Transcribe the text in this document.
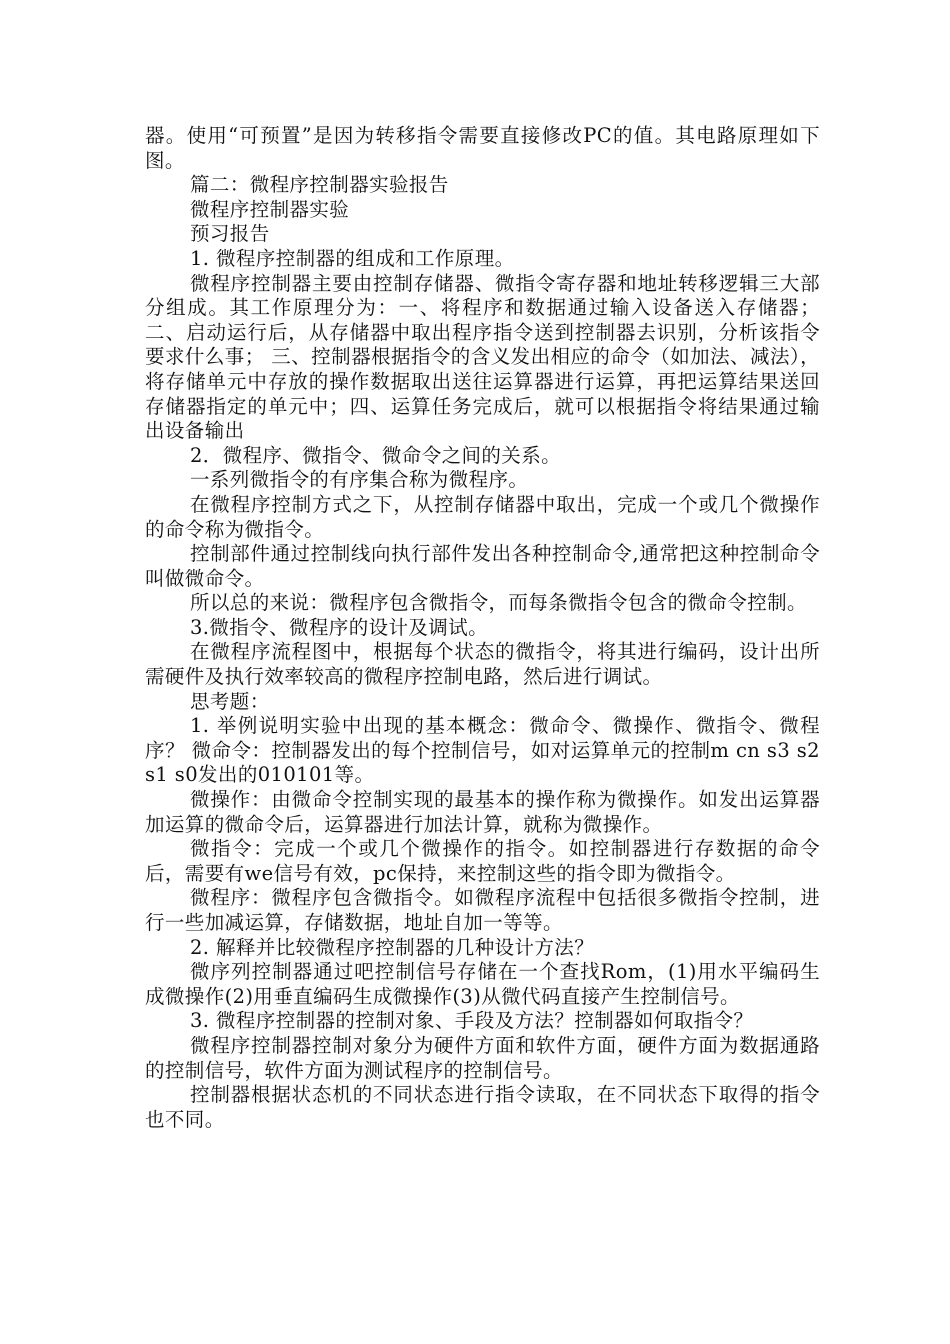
器。使用“可预置”是因为转移指令需要直接修改PC的值。其电路原理如下图。

篇二：微程序控制器实验报告

微程序控制器实验

预习报告

1. 微程序控制器的组成和工作原理。

微程序控制器主要由控制存储器、微指令寄存器和地址转移逻辑三大部分组成。其工作原理分为：一、将程序和数据通过输入设备送入存储器； 二、启动运行后，从存储器中取出程序指令送到控制器去识别，分析该指令要求什么事； 三、控制器根据指令的含义发出相应的命令（如加法、减法），将存储单元中存放的操作数据取出送往运算器进行运算，再把运算结果送回存储器指定的单元中；四、运算任务完成后，就可以根据指令将结果通过输出设备输出

2．微程序、微指令、微命令之间的关系。

一系列微指令的有序集合称为微程序。

在微程序控制方式之下，从控制存储器中取出，完成一个或几个微操作的命令称为微指令。

控制部件通过控制线向执行部件发出各种控制命令,通常把这种控制命令叫做微命令。

所以总的来说：微程序包含微指令，而每条微指令包含的微命令控制。

3.微指令、微程序的设计及调试。

在微程序流程图中，根据每个状态的微指令，将其进行编码，设计出所需硬件及执行效率较高的微程序控制电路，然后进行调试。

思考题：

1. 举例说明实验中出现的基本概念：微命令、微操作、微指令、微程序？ 微命令：控制器发出的每个控制信号，如对运算单元的控制m cn s3 s2 s1 s0发出的010101等。

微操作：由微命令控制实现的最基本的操作称为微操作。如发出运算器加运算的微命令后，运算器进行加法计算，就称为微操作。

微指令：完成一个或几个微操作的指令。如控制器进行存数据的命令后，需要有we信号有效，pc保持，来控制这些的指令即为微指令。

微程序：微程序包含微指令。如微程序流程中包括很多微指令控制，进行一些加减运算，存储数据，地址自加一等等。

2. 解释并比较微程序控制器的几种设计方法？

微序列控制器通过吧控制信号存储在一个查找Rom，(1)用水平编码生成微操作(2)用垂直编码生成微操作(3)从微代码直接产生控制信号。

3. 微程序控制器的控制对象、手段及方法？控制器如何取指令？

微程序控制器控制对象分为硬件方面和软件方面，硬件方面为数据通路的控制信号，软件方面为测试程序的控制信号。

控制器根据状态机的不同状态进行指令读取，在不同状态下取得的指令也不同。
